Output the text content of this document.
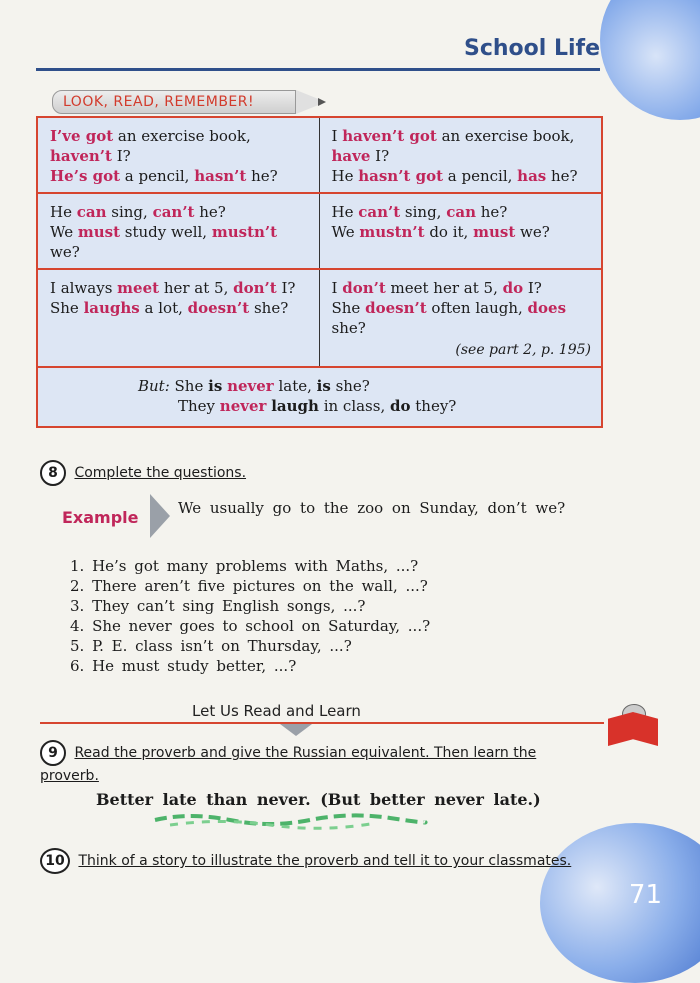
School Life
LOOK, READ, REMEMBER!
I’ve got an exercise book, haven’t I?
He’s got a pencil, hasn’t he?
I haven’t got an exercise book, have I?
He hasn’t got a pencil, has he?
He can sing, can’t he?
We must study well, mustn’t we?
He can’t sing, can he?
We mustn’t do it, must we?
I always meet her at 5, don’t I?
She laughs a lot, doesn’t she?
I don’t meet her at 5, do I?
She doesn’t often laugh, does she?
(see part 2, p. 195)
But: She is never late, is she?
They never laugh in class, do they?
8 Complete the questions.
Example	We usually go to the zoo on Sunday, don’t we?
1. He’s got many problems with Maths, ...?
2. There aren’t five pictures on the wall, ...?
3. They can’t sing English songs, ...?
4. She never goes to school on Saturday, ...?
5. P. E. class isn’t on Thursday, ...?
6. He must study better, ...?
Let Us Read and Learn
9 Read the proverb and give the Russian equivalent. Then learn the proverb.
Better late than never. (But better never late.)
10 Think of a story to illustrate the proverb and tell it to your classmates.
71
